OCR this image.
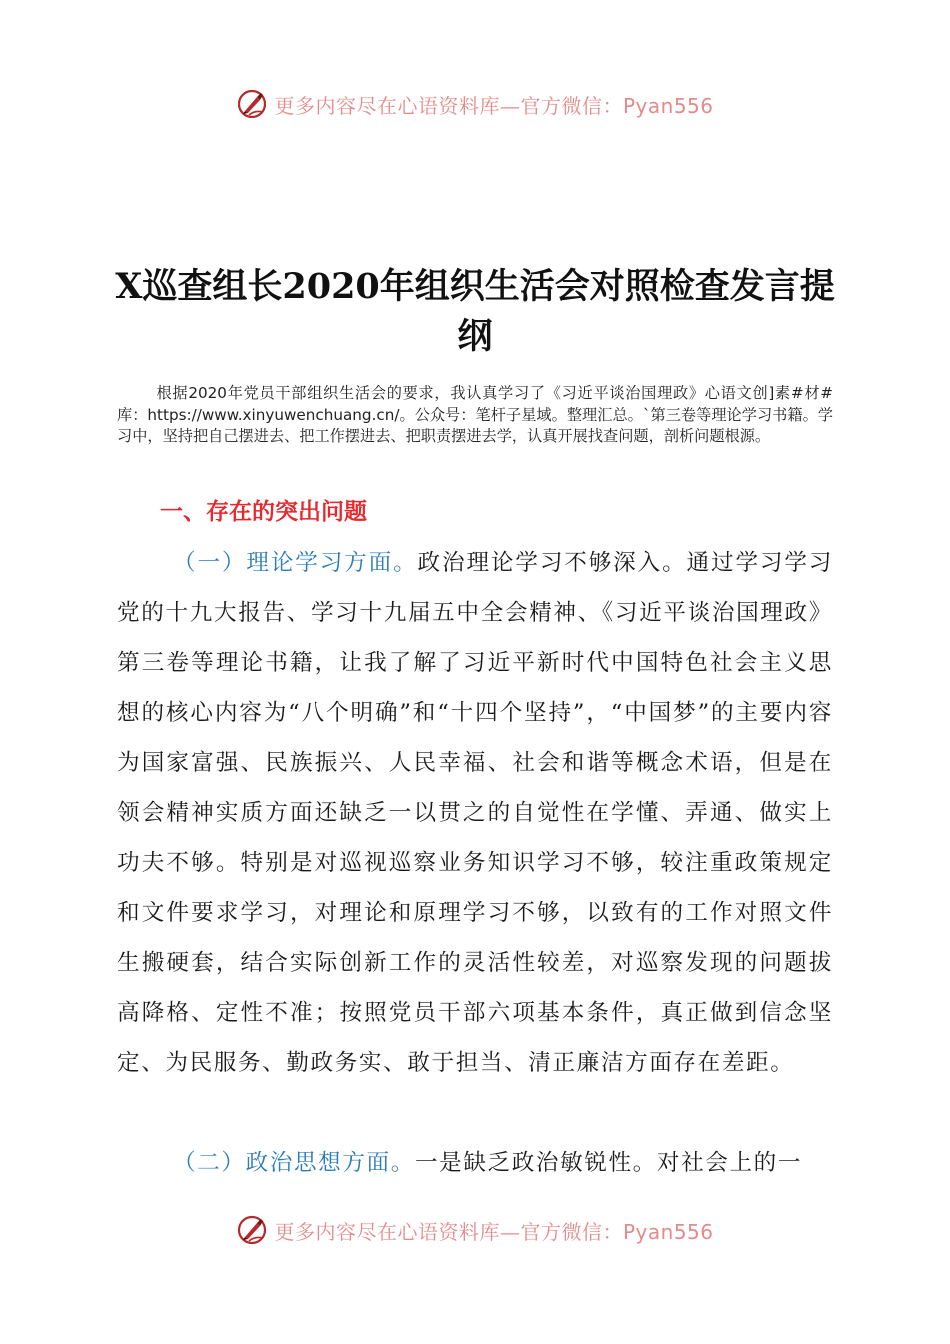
更多内容尽在心语资料库—官方微信：Pyan556
X巡查组长2020年组织生活会对照检查发言提纲

根据2020年党员干部组织生活会的要求，我认真学习了《习近平谈治国理政》心语文创]素#材#库：https://www.xinyuwenchuang.cn/。公众号：笔杆子星域。整理汇总。`第三卷等理论学习书籍。学习中，坚持把自己摆进去、把工作摆进去、把职责摆进去学，认真开展找查问题，剖析问题根源。

一、存在的突出问题

（一）理论学习方面。政治理论学习不够深入。通过学习学习党的十九大报告、学习十九届五中全会精神、《习近平谈治国理政》第三卷等理论书籍，让我了解了习近平新时代中国特色社会主义思想的核心内容为“八个明确”和“十四个坚持”，“中国梦”的主要内容为国家富强、民族振兴、人民幸福、社会和谐等概念术语，但是在领会精神实质方面还缺乏一以贯之的自觉性在学懂、弄通、做实上功夫不够。特别是对巡视巡察业务知识学习不够，较注重政策规定和文件要求学习，对理论和原理学习不够，以致有的工作对照文件生搬硬套，结合实际创新工作的灵活性较差，对巡察发现的问题拔高降格、定性不准；按照党员干部六项基本条件，真正做到信念坚定、为民服务、勤政务实、敢于担当、清正廉洁方面存在差距。

（二）政治思想方面。一是缺乏政治敏锐性。对社会上的一

更多内容尽在心语资料库—官方微信：Pyan556
